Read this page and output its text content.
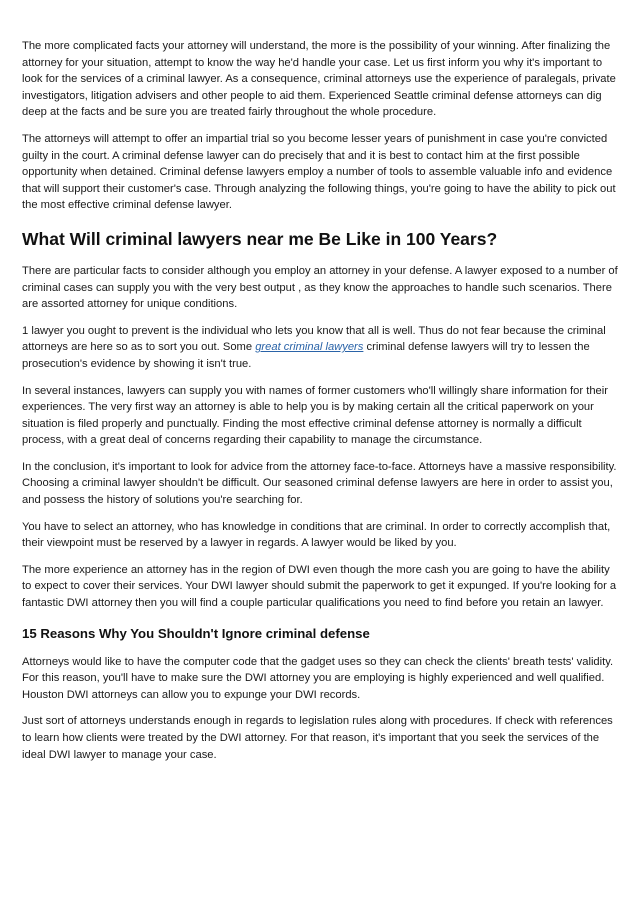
The more complicated facts your attorney will understand, the more is the possibility of your winning. After finalizing the attorney for your situation, attempt to know the way he'd handle your case. Let us first inform you why it's important to look for the services of a criminal lawyer. As a consequence, criminal attorneys use the experience of paralegals, private investigators, litigation advisers and other people to aid them. Experienced Seattle criminal defense attorneys can dig deep at the facts and be sure you are treated fairly throughout the whole procedure.

The attorneys will attempt to offer an impartial trial so you become lesser years of punishment in case you're convicted guilty in the court. A criminal defense lawyer can do precisely that and it is best to contact him at the first possible opportunity when detained. Criminal defense lawyers employ a number of tools to assemble valuable info and evidence that will support their customer's case. Through analyzing the following things, you're going to have the ability to pick out the most effective criminal defense lawyer.

What Will criminal lawyers near me Be Like in 100 Years?

There are particular facts to consider although you employ an attorney in your defense. A lawyer exposed to a number of criminal cases can supply you with the very best output , as they know the approaches to handle such scenarios. There are assorted attorney for unique conditions.

1 lawyer you ought to prevent is the individual who lets you know that all is well. Thus do not fear because the criminal attorneys are here so as to sort you out. Some great criminal lawyers criminal defense lawyers will try to lessen the prosecution's evidence by showing it isn't true.

In several instances, lawyers can supply you with names of former customers who'll willingly share information for their experiences. The very first way an attorney is able to help you is by making certain all the critical paperwork on your situation is filed properly and punctually. Finding the most effective criminal defense attorney is normally a difficult process, with a great deal of concerns regarding their capability to manage the circumstance.

In the conclusion, it's important to look for advice from the attorney face-to-face. Attorneys have a massive responsibility. Choosing a criminal lawyer shouldn't be difficult. Our seasoned criminal defense lawyers are here in order to assist you, and possess the history of solutions you're searching for.

You have to select an attorney, who has knowledge in conditions that are criminal. In order to correctly accomplish that, their viewpoint must be reserved by a lawyer in regards. A lawyer would be liked by you.

The more experience an attorney has in the region of DWI even though the more cash you are going to have the ability to expect to cover their services. Your DWI lawyer should submit the paperwork to get it expunged. If you're looking for a fantastic DWI attorney then you will find a couple particular qualifications you need to find before you retain an lawyer.

15 Reasons Why You Shouldn't Ignore criminal defense

Attorneys would like to have the computer code that the gadget uses so they can check the clients' breath tests' validity. For this reason, you'll have to make sure the DWI attorney you are employing is highly experienced and well qualified. Houston DWI attorneys can allow you to expunge your DWI records.

Just sort of attorneys understands enough in regards to legislation rules along with procedures. If check with references to learn how clients were treated by the DWI attorney. For that reason, it's important that you seek the services of the ideal DWI lawyer to manage your case.
